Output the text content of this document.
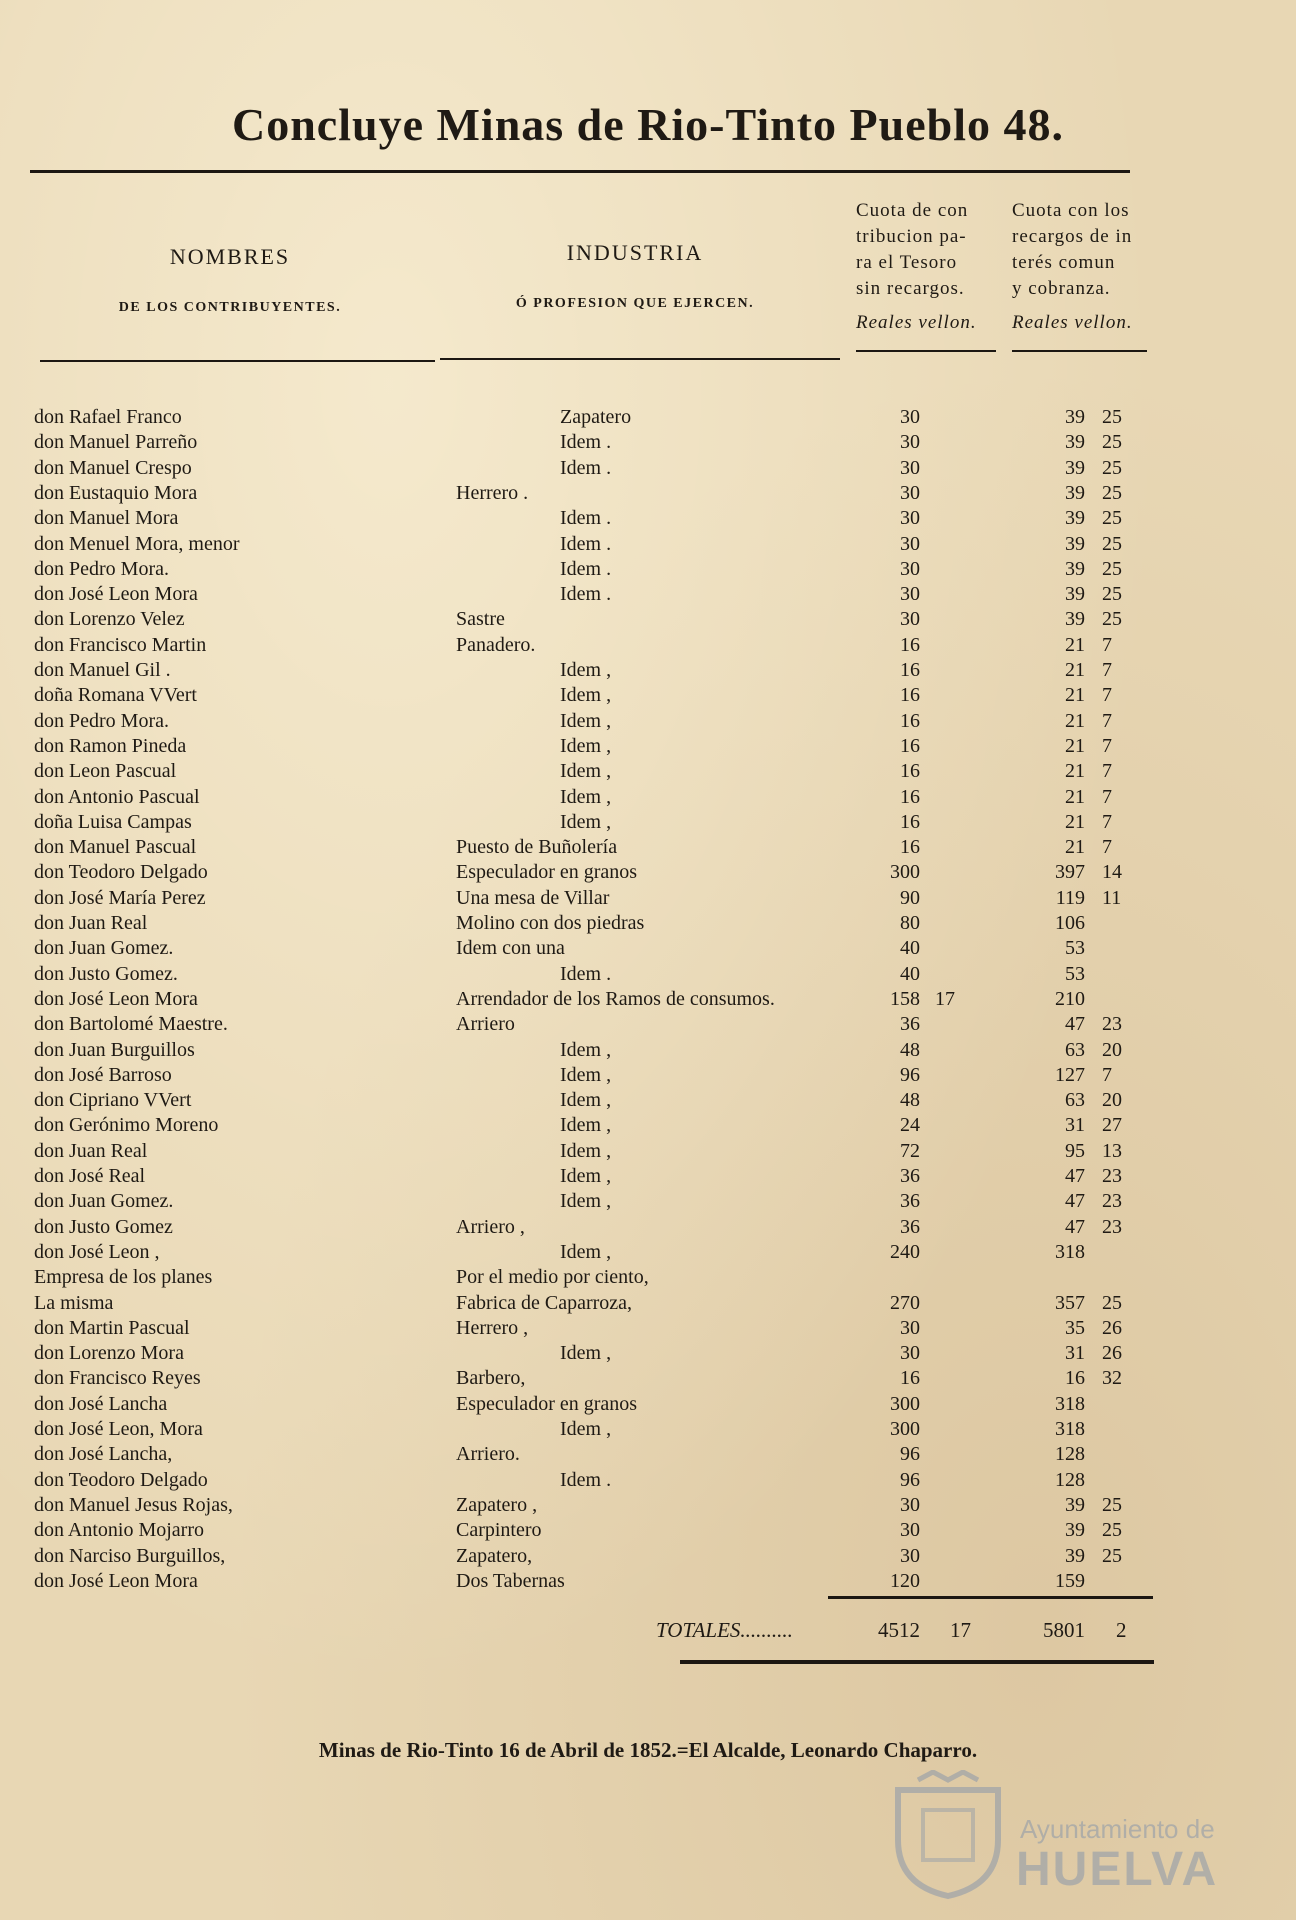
Concluye Minas de Rio-Tinto Pueblo 48.
NOMBRES
DE LOS CONTRIBUYENTES.
INDUSTRIA
Ó PROFESION QUE EJERCEN.
Cuota de con
tribucion pa-
ra el Tesoro
sin recargos.
Reales vellon.
Cuota con los
recargos de in
terés comun
y cobranza.
Reales vellon.
don Rafael Franco	Zapatero	30	39 25
don Manuel Parreño	Idem .	30	39 25
don Manuel Crespo	Idem .	30	39 25
don Eustaquio Mora	Herrero .	30	39 25
don Manuel Mora	Idem .	30	39 25
don Menuel Mora, menor	Idem .	30	39 25
don Pedro Mora.	Idem .	30	39 25
don José Leon Mora	Idem .	30	39 25
don Lorenzo Velez	Sastre	30	39 25
don Francisco Martin	Panadero.	16	21 7
don Manuel Gil .	Idem ,	16	21 7
doña Romana VVert	Idem ,	16	21 7
don Pedro Mora.	Idem ,	16	21 7
don Ramon Pineda	Idem ,	16	21 7
don Leon Pascual	Idem ,	16	21 7
don Antonio Pascual	Idem ,	16	21 7
doña Luisa Campas	Idem ,	16	21 7
don Manuel Pascual	Puesto de Buñolería	16	21 7
don Teodoro Delgado	Especulador en granos	300	397 14
don José María Perez	Una mesa de Villar	90	119 11
don Juan Real	Molino con dos piedras	80	106
don Juan Gomez.	Idem con una	40	53
don Justo Gomez.	Idem .	40	53
don José Leon Mora	Arrendador de los Ramos de consumos.	158 17	210
don Bartolomé Maestre.	Arriero	36	47 23
don Juan Burguillos	Idem ,	48	63 20
don José Barroso	Idem ,	96	127 7
don Cipriano VVert	Idem ,	48	63 20
don Gerónimo Moreno	Idem ,	24	31 27
don Juan Real	Idem ,	72	95 13
don José Real	Idem ,	36	47 23
don Juan Gomez.	Idem ,	36	47 23
don Justo Gomez	Arriero ,	36	47 23
don José Leon ,	Idem ,	240	318
Empresa de los planes	Por el medio por ciento,
La misma	Fabrica de Caparroza,	270	357 25
don Martin Pascual	Herrero ,	30	35 26
don Lorenzo Mora	Idem ,	30	31 26
don Francisco Reyes	Barbero,	16	16 32
don José Lancha	Especulador en granos	300	318
don José Leon, Mora	Idem ,	300	318
don José Lancha,	Arriero.	96	128
don Teodoro Delgado	Idem .	96	128
don Manuel Jesus Rojas,	Zapatero ,	30	39 25
don Antonio Mojarro	Carpintero	30	39 25
don Narciso Burguillos,	Zapatero,	30	39 25
don José Leon Mora	Dos Tabernas	120	159
TOTALES..........	4512 17	5801 2
Minas de Rio-Tinto 16 de Abril de 1852.=El Alcalde, Leonardo Chaparro.
Ayuntamiento de
HUELVA
